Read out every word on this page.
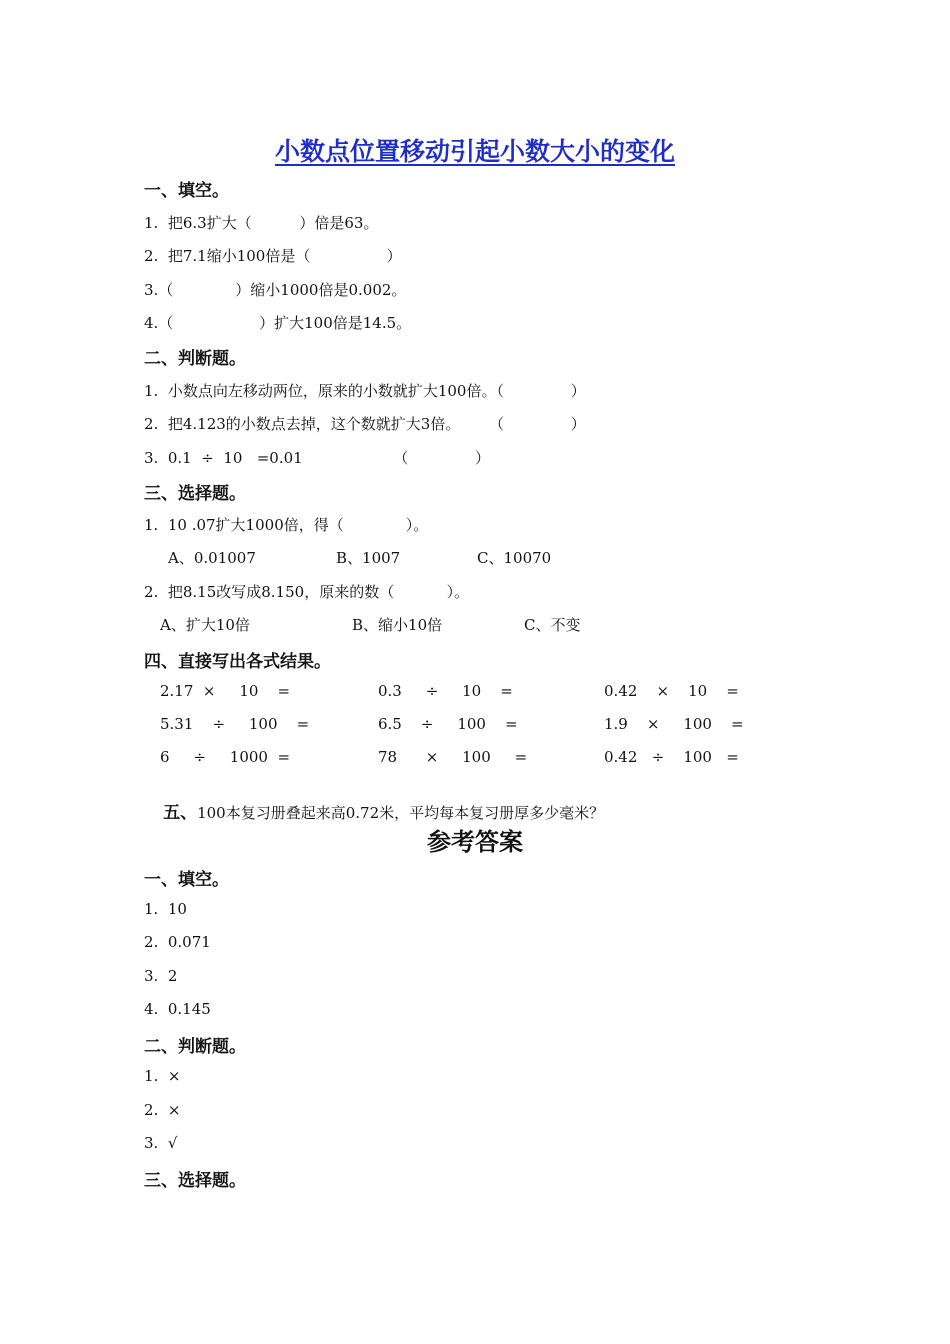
小数点位置移动引起小数大小的变化
一、填空。
1.  把6.3扩大（          ）倍是63。
2.  把7.1缩小100倍是（                ）
3.（             ）缩小1000倍是0.002。
4.（                  ）扩大100倍是14.5。
二、判断题。
1.  小数点向左移动两位，原来的小数就扩大100倍。（              ）
2.  把4.123的小数点去掉，这个数就扩大3倍。      （              ）
3.  0.1  ÷  10   =0.01                   （              ）
三、选择题。
1.  10 .07扩大1000倍，得（             ）。
A、0.01007	B、1007	C、10070
2.  把8.15改写成8.150，原来的数（           ）。
A、扩大10倍	B、缩小10倍	C、不变
四、直接写出各式结果。
2.17  ×     10    =	0.3     ÷     10    =	0.42    ×    10    =
5.31    ÷     100    =	6.5    ÷     100    =	1.9    ×     100    =
6     ÷     1000  =	78      ×     100     =	0.42   ÷    100   =

五、100本复习册叠起来高0.72米，平均每本复习册厚多少毫米？

参考答案
一、填空。
1.  10
2.  0.071
3.  2
4.  0.145
二、判断题。
1.  ×
2.  ×
3.  √
三、选择题。
